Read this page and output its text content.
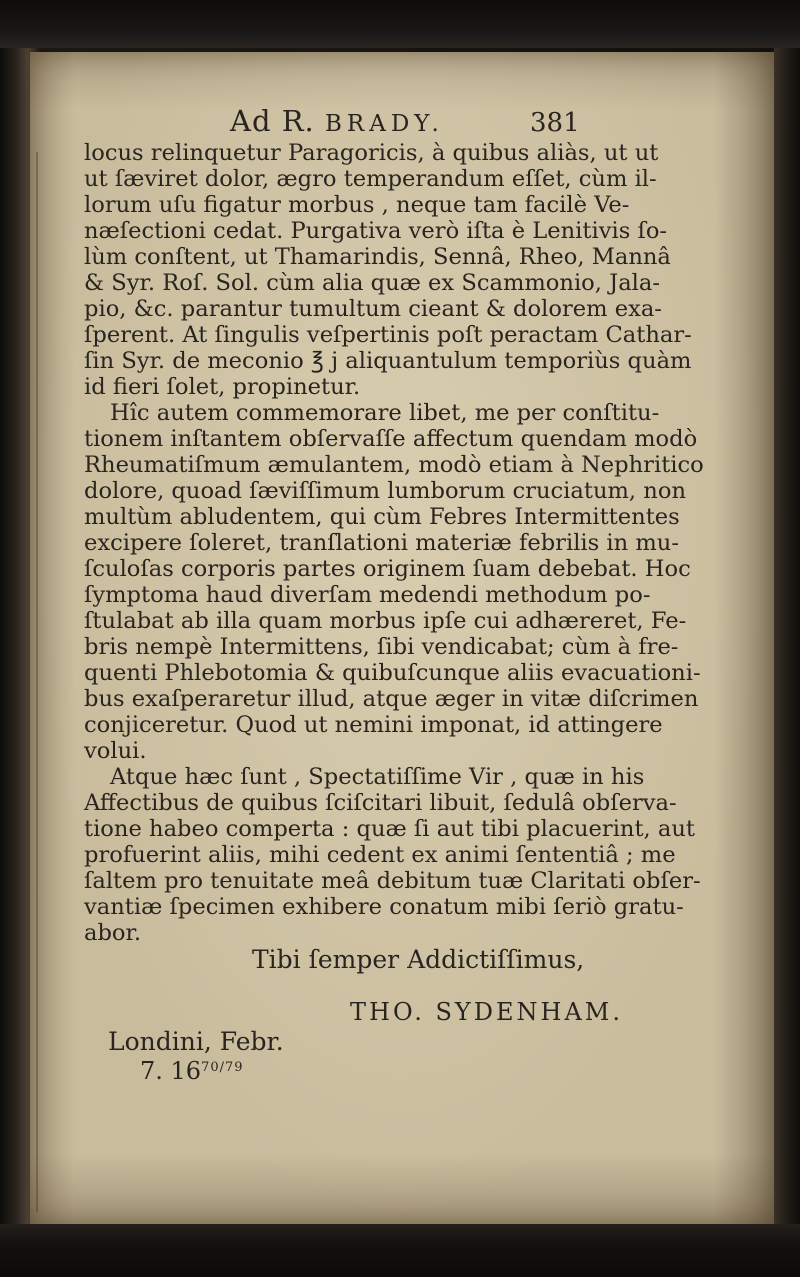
Ad R. BRADY.	381
locus relinquetur Paragoricis, à quibus aliàs, ut ut
ut ſæviret dolor, ægro temperandum eſſet, cùm il-
lorum uſu figatur morbus , neque tam facilè Ve-
næſectioni cedat. Purgativa verò iſta è Lenitivis ſo-
lùm conſtent, ut Thamarindis, Sennâ, Rheo, Mannâ
& Syr. Roſ. Sol. cùm alia quæ ex Scammonio, Jala-
pio, &c. parantur tumultum cieant & dolorem exa-
ſperent. At ſingulis veſpertinis poſt peractam Cathar-
ſin Syr. de meconio ℥ j aliquantulum temporiùs quàm
id fieri ſolet, propinetur.
Hîc autem commemorare libet, me per conſtitu-
tionem inſtantem obſervaſſe affectum quendam modò
Rheumatiſmum æmulantem, modò etiam à Nephritico
dolore, quoad ſæviſſimum lumborum cruciatum, non
multùm abludentem, qui cùm Febres Intermittentes
excipere ſoleret, tranſlationi materiæ febrilis in mu-
ſculoſas corporis partes originem ſuam debebat. Hoc
ſymptoma haud diverſam medendi methodum po-
ſtulabat ab illa quam morbus ipſe cui adhæreret, Fe-
bris nempè Intermittens, ſibi vendicabat; cùm à fre-
quenti Phlebotomia & quibuſcunque aliis evacuationi-
bus exaſperaretur illud, atque æger in vitæ diſcrimen
conjiceretur. Quod ut nemini imponat, id attingere
volui.
Atque hæc ſunt , Spectatiſſime Vir , quæ in his
Affectibus de quibus ſciſcitari libuit, ſedulâ obſerva-
tione habeo comperta : quæ ſi aut tibi placuerint, aut
profuerint aliis, mihi cedent ex animi ſententiâ ; me
ſaltem pro tenuitate meâ debitum tuæ Claritati obſer-
vantiæ ſpecimen exhibere conatum mibi ſeriò gratu-
abor.
Tibi ſemper Addictiſſimus,
THO. SYDENHAM.
Londini, Febr.
7. $16^{70/79}$
